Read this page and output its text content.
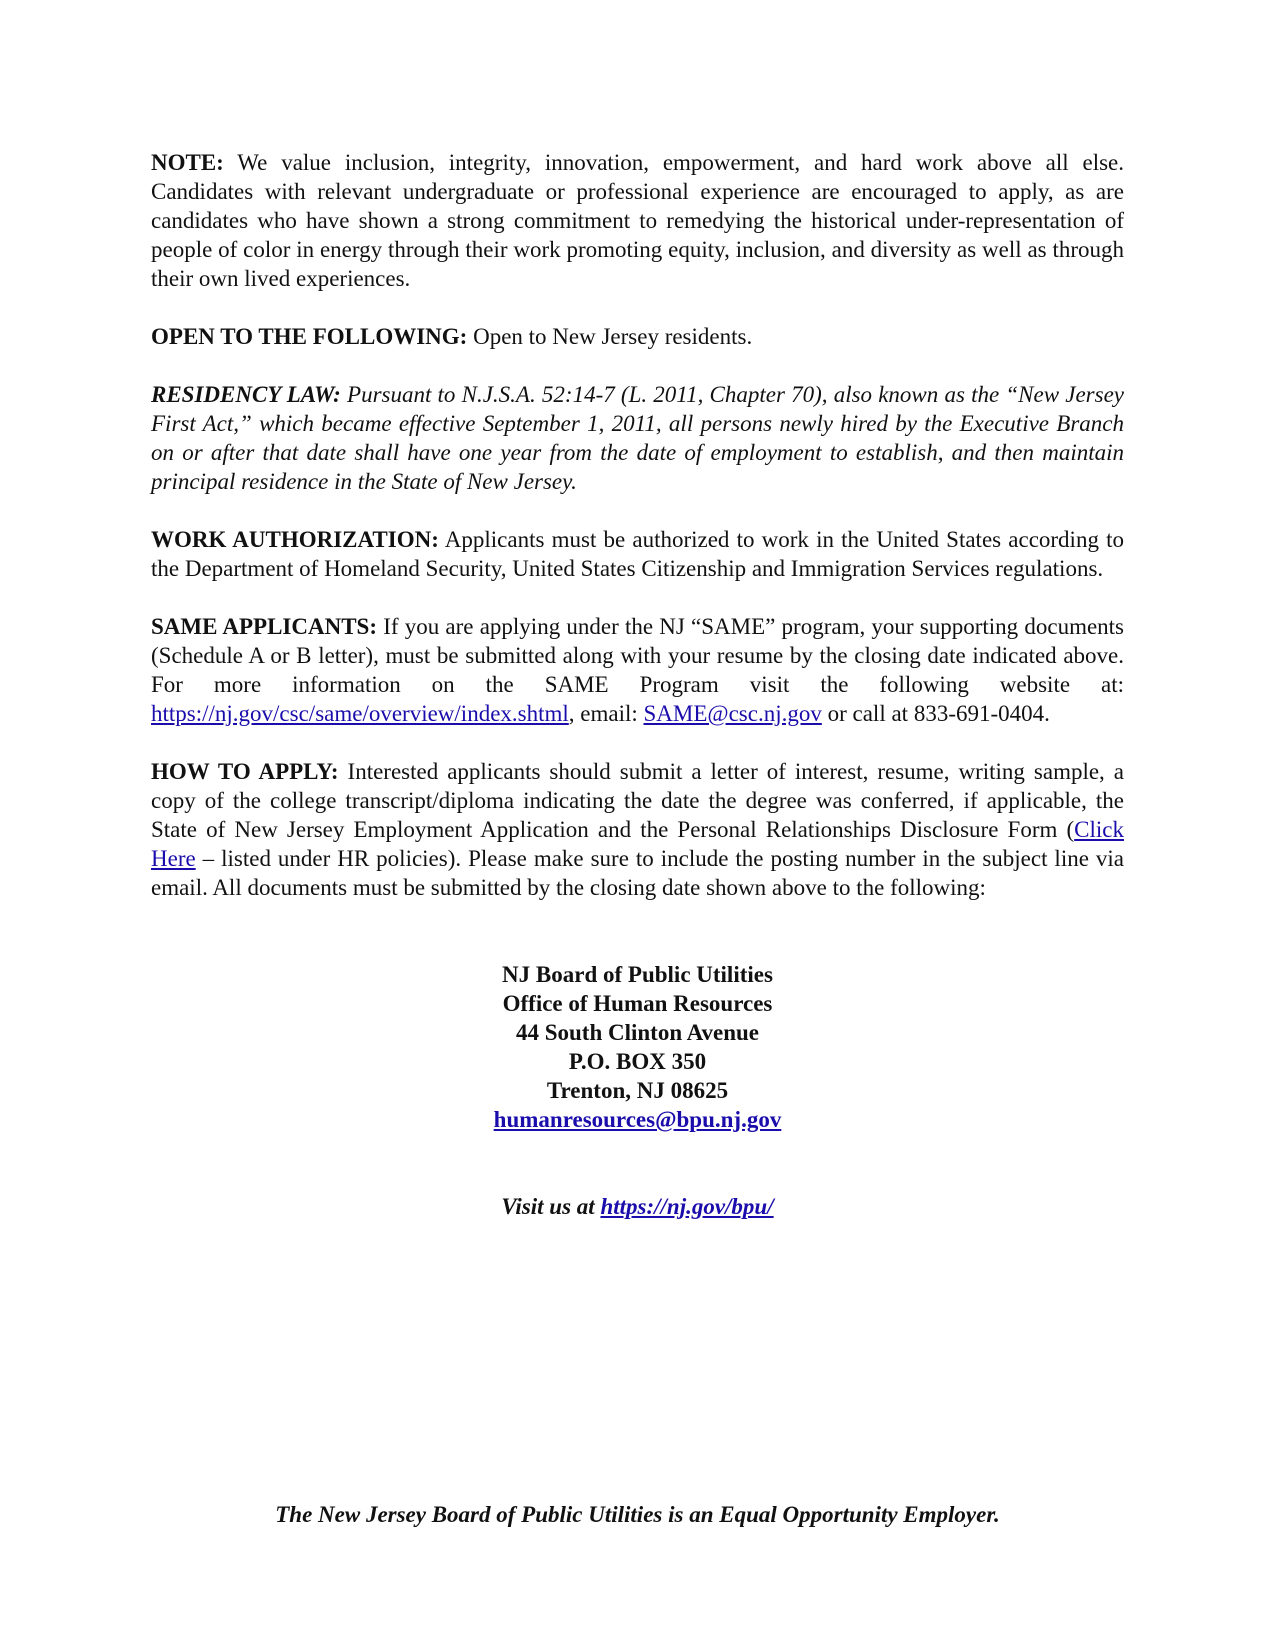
NOTE: We value inclusion, integrity, innovation, empowerment, and hard work above all else. Candidates with relevant undergraduate or professional experience are encouraged to apply, as are candidates who have shown a strong commitment to remedying the historical under-representation of people of color in energy through their work promoting equity, inclusion, and diversity as well as through their own lived experiences.

OPEN TO THE FOLLOWING: Open to New Jersey residents.

RESIDENCY LAW: Pursuant to N.J.S.A. 52:14-7 (L. 2011, Chapter 70), also known as the “New Jersey First Act,” which became effective September 1, 2011, all persons newly hired by the Executive Branch on or after that date shall have one year from the date of employment to establish, and then maintain principal residence in the State of New Jersey.

WORK AUTHORIZATION: Applicants must be authorized to work in the United States according to the Department of Homeland Security, United States Citizenship and Immigration Services regulations.

SAME APPLICANTS: If you are applying under the NJ “SAME” program, your supporting documents (Schedule A or B letter), must be submitted along with your resume by the closing date indicated above. For more information on the SAME Program visit the following website at: https://nj.gov/csc/same/overview/index.shtml, email: SAME@csc.nj.gov or call at 833-691-0404.

HOW TO APPLY: Interested applicants should submit a letter of interest, resume, writing sample, a copy of the college transcript/diploma indicating the date the degree was conferred, if applicable, the State of New Jersey Employment Application and the Personal Relationships Disclosure Form (Click Here – listed under HR policies). Please make sure to include the posting number in the subject line via email. All documents must be submitted by the closing date shown above to the following:

NJ Board of Public Utilities
Office of Human Resources
44 South Clinton Avenue
P.O. BOX 350
Trenton, NJ 08625
humanresources@bpu.nj.gov
Visit us at https://nj.gov/bpu/
The New Jersey Board of Public Utilities is an Equal Opportunity Employer.
